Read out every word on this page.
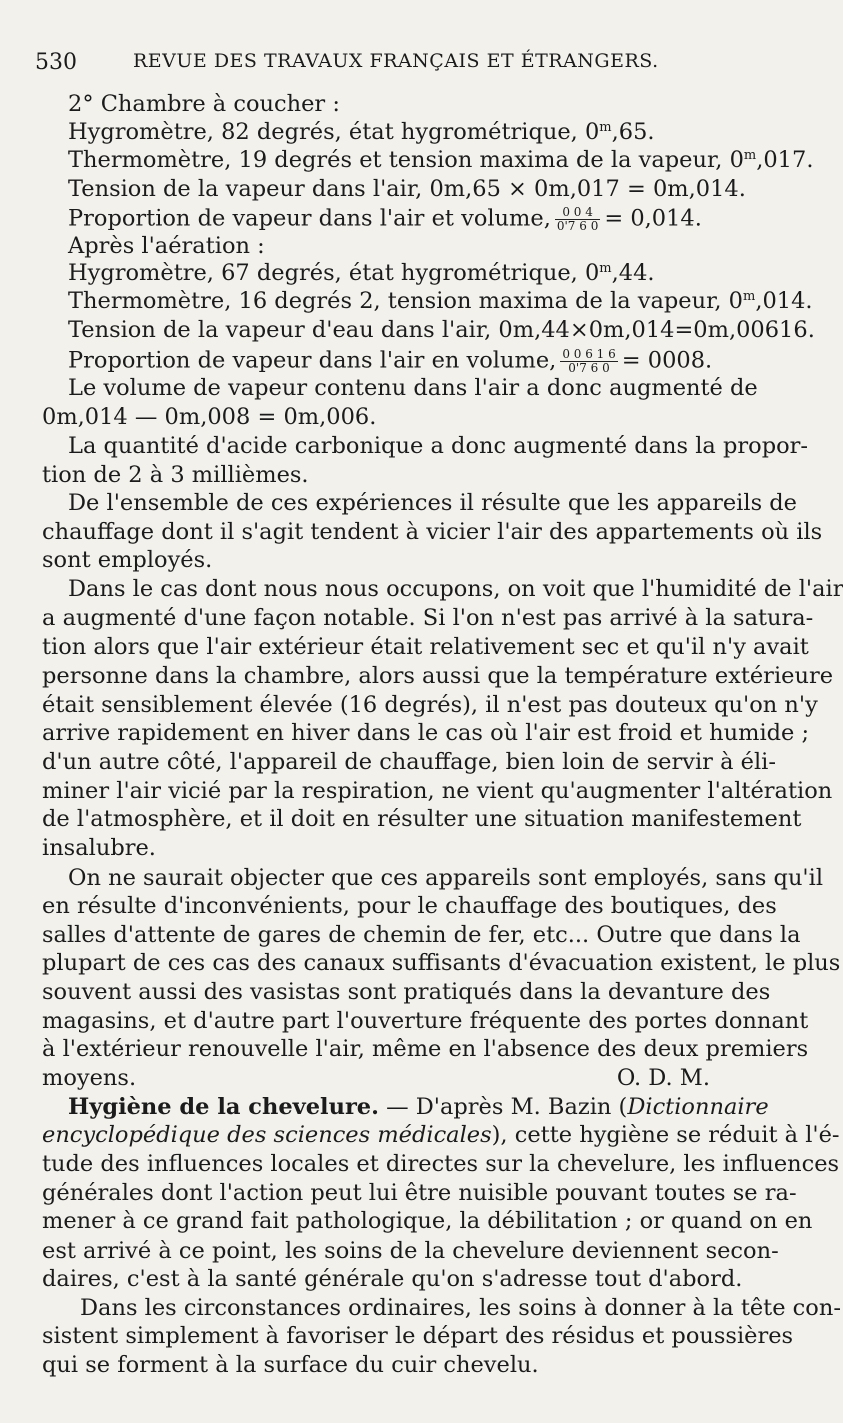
530	REVUE DES TRAVAUX FRANÇAIS ET ÉTRANGERS.
2° Chambre à coucher :
Hygromètre, 82 degrés, état hygrométrique, 0$^m$,65.
Thermomètre, 19 degrés et tension maxima de la vapeur, 0$^m$,017.
Tension de la vapeur dans l'air, 0m,65 × 0m,017 = 0m,014.
Proportion de vapeur dans l'air et volume, $\frac{0 0 4}{0'7 6 0} = 0,014$.
Après l'aération :
Hygromètre, 67 degrés, état hygrométrique, 0$^m$,44.
Thermomètre, 16 degrés 2, tension maxima de la vapeur, 0$^m$,014.
Tension de la vapeur d'eau dans l'air, 0m,44×0m,014=0m,00616.
Proportion de vapeur dans l'air en volume, $\frac{0 0 6 1 6}{0'7 6 0} = 0008$.
Le volume de vapeur contenu dans l'air a donc augmenté de
0m,014 — 0m,008 = 0m,006.
La quantité d'acide carbonique a donc augmenté dans la propor-
tion de 2 à 3 millièmes.
De l'ensemble de ces expériences il résulte que les appareils de
chauffage dont il s'agit tendent à vicier l'air des appartements où ils
sont employés.
Dans le cas dont nous nous occupons, on voit que l'humidité de l'air
a augmenté d'une façon notable. Si l'on n'est pas arrivé à la satura-
tion alors que l'air extérieur était relativement sec et qu'il n'y avait
personne dans la chambre, alors aussi que la température extérieure
était sensiblement élevée (16 degrés), il n'est pas douteux qu'on n'y
arrive rapidement en hiver dans le cas où l'air est froid et humide ;
d'un autre côté, l'appareil de chauffage, bien loin de servir à éli-
miner l'air vicié par la respiration, ne vient qu'augmenter l'altération
de l'atmosphère, et il doit en résulter une situation manifestement
insalubre.
On ne saurait objecter que ces appareils sont employés, sans qu'il
en résulte d'inconvénients, pour le chauffage des boutiques, des
salles d'attente de gares de chemin de fer, etc... Outre que dans la
plupart de ces cas des canaux suffisants d'évacuation existent, le plus
souvent aussi des vasistas sont pratiqués dans la devanture des
magasins, et d'autre part l'ouverture fréquente des portes donnant
à l'extérieur renouvelle l'air, même en l'absence des deux premiers
moyens.	O. D. M.
Hygiène de la chevelure. — D'après M. Bazin (Dictionnaire
encyclopédique des sciences médicales), cette hygiène se réduit à l'é-
tude des influences locales et directes sur la chevelure, les influences
générales dont l'action peut lui être nuisible pouvant toutes se ra-
mener à ce grand fait pathologique, la débilitation ; or quand on en
est arrivé à ce point, les soins de la chevelure deviennent secon-
daires, c'est à la santé générale qu'on s'adresse tout d'abord.
Dans les circonstances ordinaires, les soins à donner à la tête con-
sistent simplement à favoriser le départ des résidus et poussières
qui se forment à la surface du cuir chevelu.
